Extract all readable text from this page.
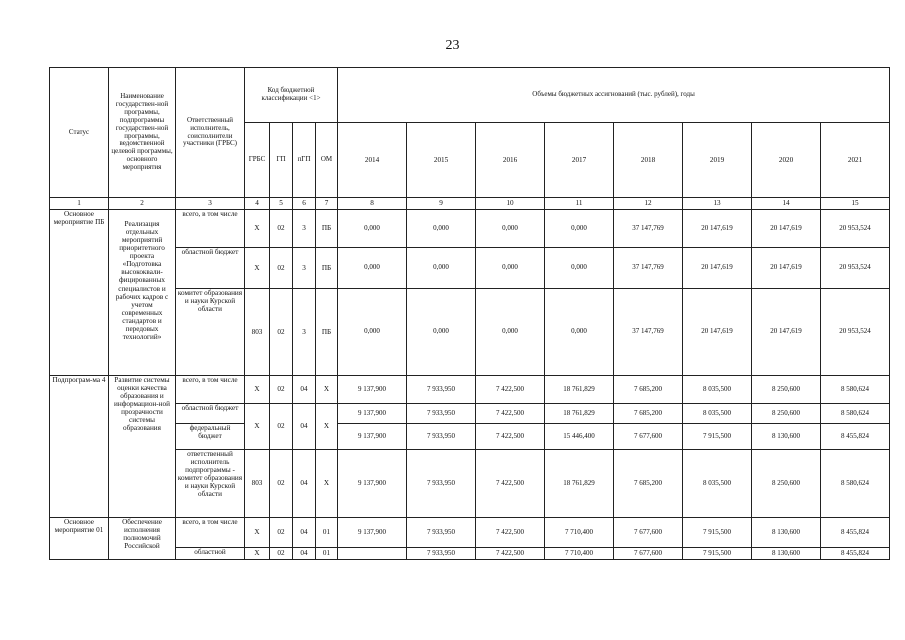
23
Статус	Наименование государствен-ной программы, подпрограммы государствен-ной программы, ведомственной целевой программы, основного мероприятия	Ответственный исполнитель, соисполнители участники (ГРБС)	Код бюджетной классификации <1>				Объемы бюджетных ассигнований (тыс. рублей), годы							
			ГРБС	ГП	пГП	ОМ	2014	2015	2016	2017	2018	2019	2020	2021
1	2	3	4	5	6	7	8	9	10	11	12	13	14	15
Основное мероприятие ПБ	Реализация отдельных мероприятий приоритетного проекта «Подготовка высококвали-фицированных специалистов и рабочих кадров с учетом современных стандартов и передовых технологий»	всего, в том числе	X	02	3	ПБ	0,000	0,000	0,000	0,000	37 147,769	20 147,619	20 147,619	20 953,524
		областной бюджет	X	02	3	ПБ	0,000	0,000	0,000	0,000	37 147,769	20 147,619	20 147,619	20 953,524
		комитет образования и науки Курской области	803	02	3	ПБ	0,000	0,000	0,000	0,000	37 147,769	20 147,619	20 147,619	20 953,524
Подпрограм-ма 4	Развитие системы оценки качества образования и информацион-ной прозрачности системы образования	всего, в том числе	X	02	04	X	9 137,900	7 933,950	7 422,500	18 761,829	7 685,200	8 035,500	8 250,600	8 580,624
		областной бюджет	X	02	04	X	9 137,900	7 933,950	7 422,500	18 761,829	7 685,200	8 035,500	8 250,600	8 580,624
		федеральный бюджет					9 137,900	7 933,950	7 422,500	15 446,400	7 677,600	7 915,500	8 130,600	8 455,824
		ответственный исполнитель подпрограммы - комитет образования и науки Курской области	803	02	04	X	9 137,900	7 933,950	7 422,500	18 761,829	7 685,200	8 035,500	8 250,600	8 580,624
Основное мероприятие 01	Обеспечение исполнения полномочий Российской	всего, в том числе	X	02	04	01	9 137,900	7 933,950	7 422,500	7 710,400	7 677,600	7 915,500	8 130,600	8 455,824
		областной	X	02	04	01		7 933,950	7 422,500	7 710,400	7 677,600	7 915,500	8 130,600	8 455,824
